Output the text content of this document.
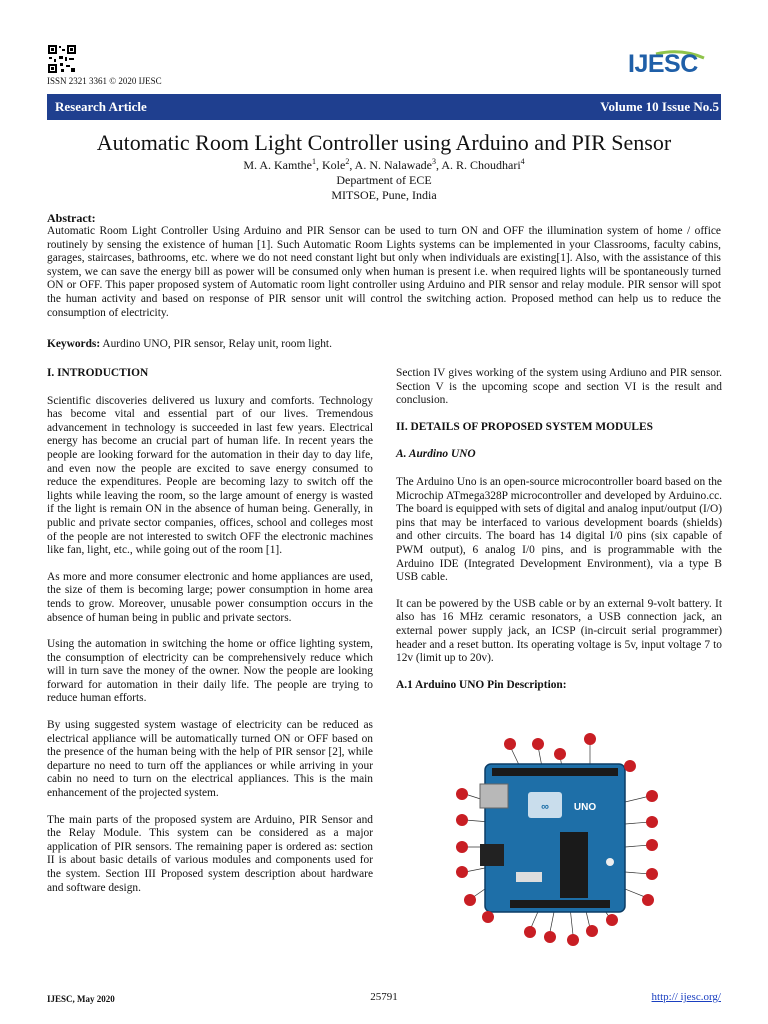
ISSN 2321 3361 © 2020 IJESC
IJESC
Research Article	Volume 10 Issue No.5
Automatic Room Light Controller using Arduino and PIR Sensor
M. A. Kamthe$^1$, Kole$^2$, A. N. Nalawade$^3$, A. R. Choudhari$^4$
Department of ECE
MITSOE, Pune, India
Abstract:
Automatic Room Light Controller Using Arduino and PIR Sensor can be used to turn ON and OFF the illumination system of home / office routinely by sensing the existence of human [1]. Such Automatic Room Lights systems can be implemented in your Classrooms, faculty cabins, garages, staircases, bathrooms, etc. where we do not need constant light but only when individuals are existing[1]. Also, with the assistance of this system, we can save the energy bill as power will be consumed only when human is present i.e. when required lights will be spontaneously turned ON or OFF. This paper proposed system of Automatic room light controller using Arduino and PIR sensor and relay module. PIR sensor will spot the human activity and based on response of PIR sensor unit will control the switching action. Proposed method can help us to reduce the consumption of electricity.
Keywords: Aurdino UNO, PIR sensor, Relay unit, room light.
I. INTRODUCTION

Scientific discoveries delivered us luxury and comforts. Technology has become vital and essential part of our lives. Tremendous advancement in technology is succeeded in last few years. Electrical energy has become an crucial part of human life. In recent years the people are looking forward for the automation in their day to day life, and even now the people are excited to save energy consumed to reduce the expenditures. People are becoming lazy to switch off the lights while leaving the room, so the large amount of energy is wasted if the light is remain ON in the absence of human being. Generally, in public and private sector companies, offices, school and colleges most of the people are not interested to switch OFF the electronic machines like fan, light, etc., while going out of the room [1].

As more and more consumer electronic and home appliances are used, the size of them is becoming large; power consumption in home area tends to grow. Moreover, unusable power consumption occurs in the absence of human being in public and private sectors.

Using the automation in switching the home or office lighting system, the consumption of electricity can be comprehensively reduce which will in turn save the money of the owner. Now the people are looking forward for automation in their daily life. The people are trying to reduce human efforts.

By using suggested system wastage of electricity can be reduced as electrical appliance will be automatically turned ON or OFF based on the presence of the human being with the help of PIR sensor [2], while departure no need to turn off the appliances or while arriving in your cabin no need to turn on the electrical appliances. This is the main enhancement of the projected system.

The main parts of the proposed system are Arduino, PIR Sensor and the Relay Module. This system can be considered as a major application of PIR sensors. The remaining paper is ordered as: section II is about basic details of various modules and components used for the system. Section III Proposed system description about hardware and software design.

Section IV gives working of the system using Ardiuno and PIR sensor. Section V is the upcoming scope and section VI is the result and conclusion.

II. DETAILS OF PROPOSED SYSTEM MODULES
A. Aurdino UNO

The Arduino Uno is an open-source microcontroller board based on the Microchip ATmega328P microcontroller and developed by Arduino.cc. The board is equipped with sets of digital and analog input/output (I/O) pins that may be interfaced to various development boards (shields) and other circuits. The board has 14 digital I/0 pins (six capable of PWM output), 6 analog I/0 pins, and is programmable with the Arduino IDE (Integrated Development Environment), via a type B USB cable.

It can be powered by the USB cable or by an external 9-volt battery. It also has 16 MHz ceramic resonators, a USB connection jack, an external power supply jack, an ICSP (in-circuit serial programmer) header and a reset button. Its operating voltage is 5v, input voltage 7 to 12v (limit up to 20v).

A.1 Arduino UNO Pin Description:
∞ UNO
IJESC, May 2020	25791	http:// ijesc.org/
